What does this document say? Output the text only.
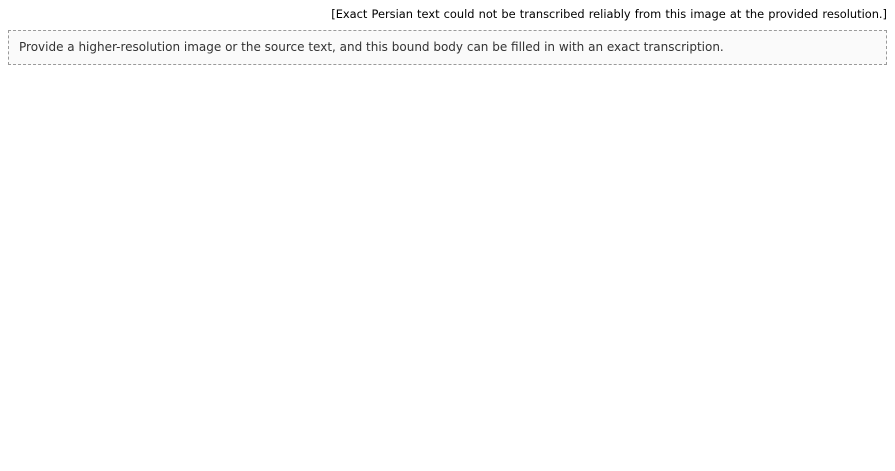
[Exact Persian text could not be transcribed reliably from this image at the provided resolution.]

Provide a higher-resolution image or the source text, and this bound body can be filled in with an exact transcription.
